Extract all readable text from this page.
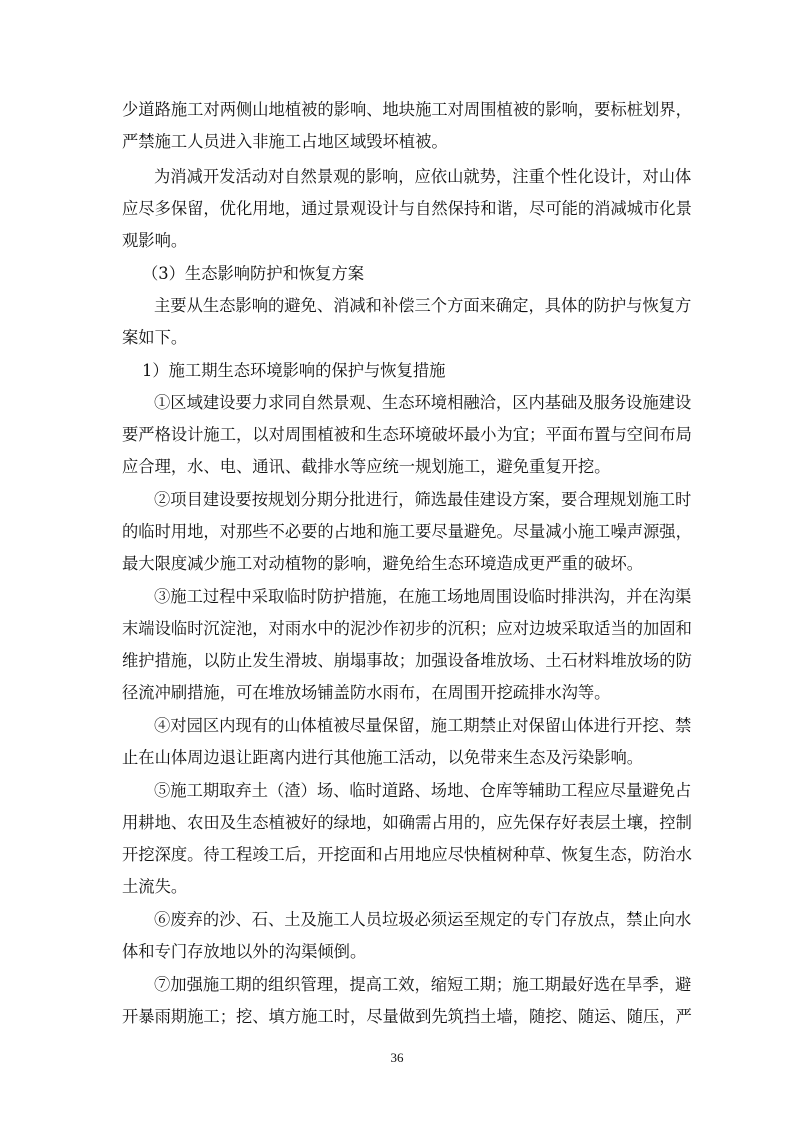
少道路施工对两侧山地植被的影响、地块施工对周围植被的影响，要标桩划界，
严禁施工人员进入非施工占地区域毁坏植被。
为消减开发活动对自然景观的影响，应依山就势，注重个性化设计，对山体
应尽多保留，优化用地，通过景观设计与自然保持和谐，尽可能的消减城市化景
观影响。
（3）生态影响防护和恢复方案
主要从生态影响的避免、消减和补偿三个方面来确定，具体的防护与恢复方
案如下。
1）施工期生态环境影响的保护与恢复措施
①区域建设要力求同自然景观、生态环境相融洽，区内基础及服务设施建设
要严格设计施工，以对周围植被和生态环境破坏最小为宜；平面布置与空间布局
应合理，水、电、通讯、截排水等应统一规划施工，避免重复开挖。
②项目建设要按规划分期分批进行，筛选最佳建设方案，要合理规划施工时
的临时用地，对那些不必要的占地和施工要尽量避免。尽量减小施工噪声源强，
最大限度减少施工对动植物的影响，避免给生态环境造成更严重的破坏。
③施工过程中采取临时防护措施，在施工场地周围设临时排洪沟，并在沟渠
末端设临时沉淀池，对雨水中的泥沙作初步的沉积；应对边坡采取适当的加固和
维护措施，以防止发生滑坡、崩塌事故；加强设备堆放场、土石材料堆放场的防
径流冲刷措施，可在堆放场铺盖防水雨布，在周围开挖疏排水沟等。
④对园区内现有的山体植被尽量保留，施工期禁止对保留山体进行开挖、禁
止在山体周边退让距离内进行其他施工活动，以免带来生态及污染影响。
⑤施工期取弃土（渣）场、临时道路、场地、仓库等辅助工程应尽量避免占
用耕地、农田及生态植被好的绿地，如确需占用的，应先保存好表层土壤，控制
开挖深度。待工程竣工后，开挖面和占用地应尽快植树种草、恢复生态，防治水
土流失。
⑥废弃的沙、石、土及施工人员垃圾必须运至规定的专门存放点，禁止向水
体和专门存放地以外的沟渠倾倒。
⑦加强施工期的组织管理，提高工效，缩短工期；施工期最好选在旱季，避
开暴雨期施工；挖、填方施工时，尽量做到先筑挡土墙，随挖、随运、随压，严
36
